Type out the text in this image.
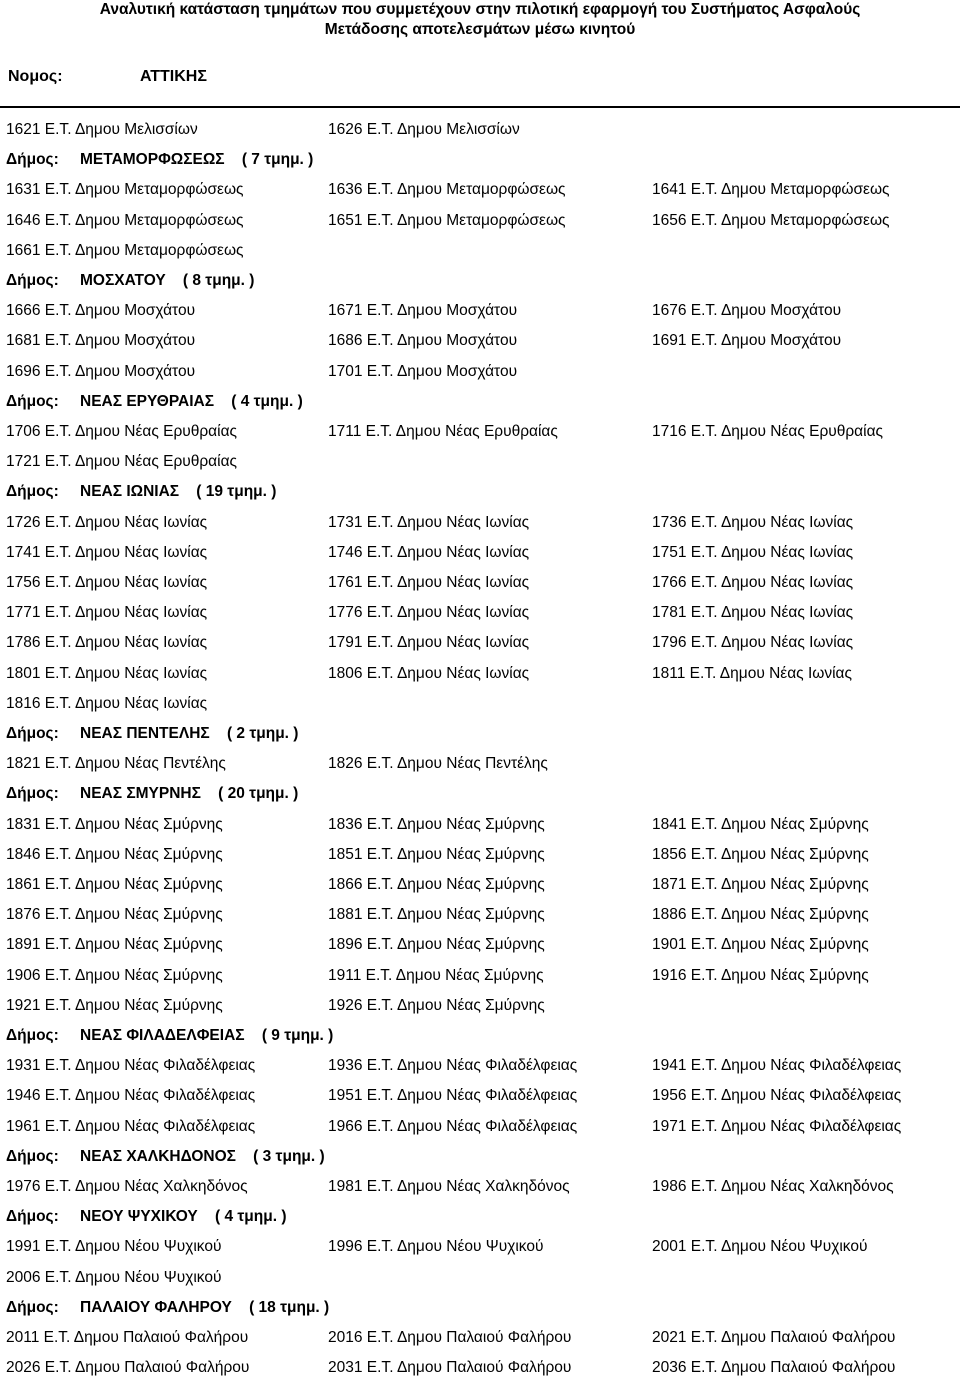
Αναλυτική κατάσταση τμημάτων που συμμετέχουν στην πιλοτική εφαρμογή του Συστήματος Ασφαλούς
Μετάδοσης αποτελεσμάτων μέσω κινητού
Νομος:	ΑΤΤΙΚΗΣ
1621 Ε.Τ. Δημου Μελισσίων	1626 Ε.Τ. Δημου Μελισσίων
Δήμος: ΜΕΤΑΜΟΡΦΩΣΕΩΣ    ( 7 τμημ. )
1631 Ε.Τ. Δημου Μεταμορφώσεως	1636 Ε.Τ. Δημου Μεταμορφώσεως	1641 Ε.Τ. Δημου Μεταμορφώσεως
1646 Ε.Τ. Δημου Μεταμορφώσεως	1651 Ε.Τ. Δημου Μεταμορφώσεως	1656 Ε.Τ. Δημου Μεταμορφώσεως
1661 Ε.Τ. Δημου Μεταμορφώσεως
Δήμος: ΜΟΣΧΑΤΟΥ    ( 8 τμημ. )
1666 Ε.Τ. Δημου Μοσχάτου	1671 Ε.Τ. Δημου Μοσχάτου	1676 Ε.Τ. Δημου Μοσχάτου
1681 Ε.Τ. Δημου Μοσχάτου	1686 Ε.Τ. Δημου Μοσχάτου	1691 Ε.Τ. Δημου Μοσχάτου
1696 Ε.Τ. Δημου Μοσχάτου	1701 Ε.Τ. Δημου Μοσχάτου
Δήμος: ΝΕΑΣ ΕΡΥΘΡΑΙΑΣ    ( 4 τμημ. )
1706 Ε.Τ. Δημου Νέας Ερυθραίας	1711 Ε.Τ. Δημου Νέας Ερυθραίας	1716 Ε.Τ. Δημου Νέας Ερυθραίας
1721 Ε.Τ. Δημου Νέας Ερυθραίας
Δήμος: ΝΕΑΣ ΙΩΝΙΑΣ    ( 19 τμημ. )
1726 Ε.Τ. Δημου Νέας Ιωνίας	1731 Ε.Τ. Δημου Νέας Ιωνίας	1736 Ε.Τ. Δημου Νέας Ιωνίας
1741 Ε.Τ. Δημου Νέας Ιωνίας	1746 Ε.Τ. Δημου Νέας Ιωνίας	1751 Ε.Τ. Δημου Νέας Ιωνίας
1756 Ε.Τ. Δημου Νέας Ιωνίας	1761 Ε.Τ. Δημου Νέας Ιωνίας	1766 Ε.Τ. Δημου Νέας Ιωνίας
1771 Ε.Τ. Δημου Νέας Ιωνίας	1776 Ε.Τ. Δημου Νέας Ιωνίας	1781 Ε.Τ. Δημου Νέας Ιωνίας
1786 Ε.Τ. Δημου Νέας Ιωνίας	1791 Ε.Τ. Δημου Νέας Ιωνίας	1796 Ε.Τ. Δημου Νέας Ιωνίας
1801 Ε.Τ. Δημου Νέας Ιωνίας	1806 Ε.Τ. Δημου Νέας Ιωνίας	1811 Ε.Τ. Δημου Νέας Ιωνίας
1816 Ε.Τ. Δημου Νέας Ιωνίας
Δήμος: ΝΕΑΣ ΠΕΝΤΕΛΗΣ    ( 2 τμημ. )
1821 Ε.Τ. Δημου Νέας Πεντέλης	1826 Ε.Τ. Δημου Νέας Πεντέλης
Δήμος: ΝΕΑΣ ΣΜΥΡΝΗΣ    ( 20 τμημ. )
1831 Ε.Τ. Δημου Νέας Σμύρνης	1836 Ε.Τ. Δημου Νέας Σμύρνης	1841 Ε.Τ. Δημου Νέας Σμύρνης
1846 Ε.Τ. Δημου Νέας Σμύρνης	1851 Ε.Τ. Δημου Νέας Σμύρνης	1856 Ε.Τ. Δημου Νέας Σμύρνης
1861 Ε.Τ. Δημου Νέας Σμύρνης	1866 Ε.Τ. Δημου Νέας Σμύρνης	1871 Ε.Τ. Δημου Νέας Σμύρνης
1876 Ε.Τ. Δημου Νέας Σμύρνης	1881 Ε.Τ. Δημου Νέας Σμύρνης	1886 Ε.Τ. Δημου Νέας Σμύρνης
1891 Ε.Τ. Δημου Νέας Σμύρνης	1896 Ε.Τ. Δημου Νέας Σμύρνης	1901 Ε.Τ. Δημου Νέας Σμύρνης
1906 Ε.Τ. Δημου Νέας Σμύρνης	1911 Ε.Τ. Δημου Νέας Σμύρνης	1916 Ε.Τ. Δημου Νέας Σμύρνης
1921 Ε.Τ. Δημου Νέας Σμύρνης	1926 Ε.Τ. Δημου Νέας Σμύρνης
Δήμος: ΝΕΑΣ ΦΙΛΑΔΕΛΦΕΙΑΣ    ( 9 τμημ. )
1931 Ε.Τ. Δημου Νέας Φιλαδέλφειας	1936 Ε.Τ. Δημου Νέας Φιλαδέλφειας	1941 Ε.Τ. Δημου Νέας Φιλαδέλφειας
1946 Ε.Τ. Δημου Νέας Φιλαδέλφειας	1951 Ε.Τ. Δημου Νέας Φιλαδέλφειας	1956 Ε.Τ. Δημου Νέας Φιλαδέλφειας
1961 Ε.Τ. Δημου Νέας Φιλαδέλφειας	1966 Ε.Τ. Δημου Νέας Φιλαδέλφειας	1971 Ε.Τ. Δημου Νέας Φιλαδέλφειας
Δήμος: ΝΕΑΣ ΧΑΛΚΗΔΟΝΟΣ    ( 3 τμημ. )
1976 Ε.Τ. Δημου Νέας Χαλκηδόνος	1981 Ε.Τ. Δημου Νέας Χαλκηδόνος	1986 Ε.Τ. Δημου Νέας Χαλκηδόνος
Δήμος: ΝΕΟΥ ΨΥΧΙΚΟΥ    ( 4 τμημ. )
1991 Ε.Τ. Δημου Νέου Ψυχικού	1996 Ε.Τ. Δημου Νέου Ψυχικού	2001 Ε.Τ. Δημου Νέου Ψυχικού
2006 Ε.Τ. Δημου Νέου Ψυχικού
Δήμος: ΠΑΛΑΙΟΥ ΦΑΛΗΡΟΥ    ( 18 τμημ. )
2011 Ε.Τ. Δημου Παλαιού Φαλήρου	2016 Ε.Τ. Δημου Παλαιού Φαλήρου	2021 Ε.Τ. Δημου Παλαιού Φαλήρου
2026 Ε.Τ. Δημου Παλαιού Φαλήρου	2031 Ε.Τ. Δημου Παλαιού Φαλήρου	2036 Ε.Τ. Δημου Παλαιού Φαλήρου
